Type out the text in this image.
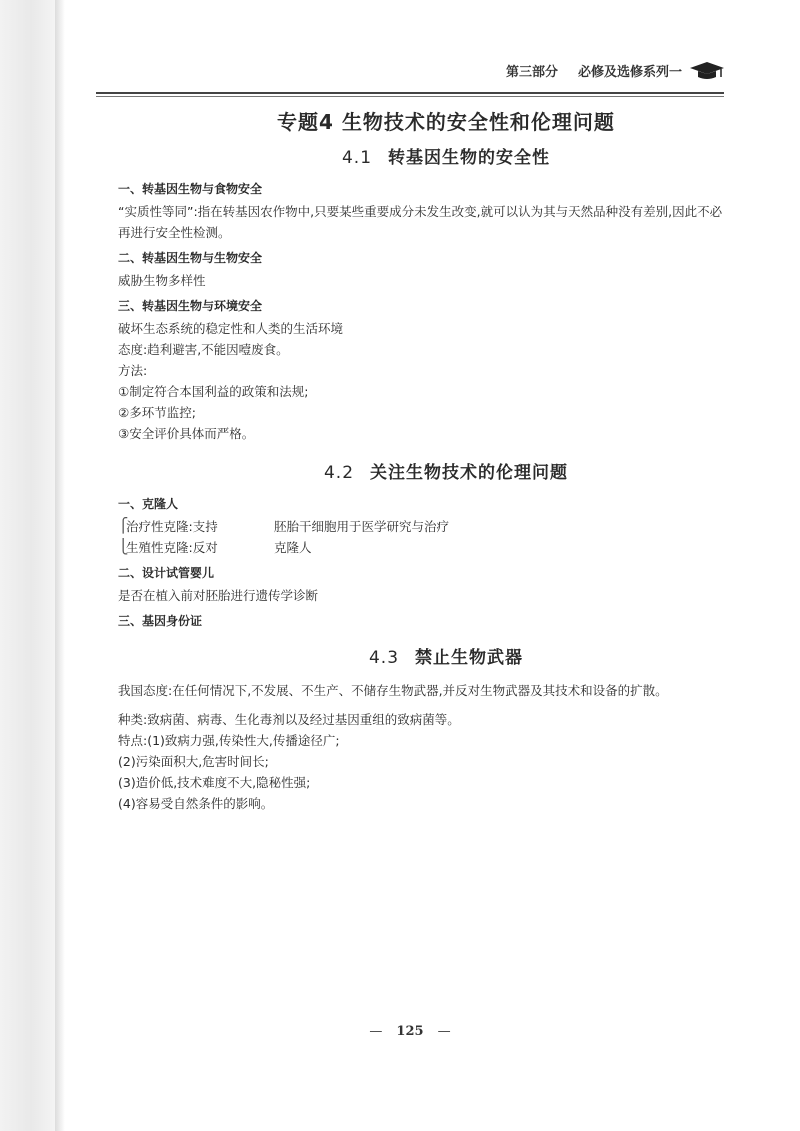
第三部分 必修及选修系列一
专题4 生物技术的安全性和伦理问题
4.1 转基因生物的安全性
一、转基因生物与食物安全

“实质性等同”:指在转基因农作物中,只要某些重要成分未发生改变,就可以认为其与天然品种没有差别,因此不必再进行安全性检测。

二、转基因生物与生物安全

威胁生物多样性

三、转基因生物与环境安全

破坏生态系统的稳定性和人类的生活环境

态度:趋利避害,不能因噎废食。

方法:

①制定符合本国利益的政策和法规;

②多环节监控;

③安全评价具体而严格。

4.2 关注生物技术的伦理问题
一、克隆人
⎧
治疗性克隆:支持	胚胎干细胞用于医学研究与治疗
⎩
生殖性克隆:反对	克隆人
二、设计试管婴儿

是否在植入前对胚胎进行遗传学诊断

三、基因身份证
4.3 禁止生物武器

我国态度:在任何情况下,不发展、不生产、不储存生物武器,并反对生物武器及其技术和设备的扩散。

种类:致病菌、病毒、生化毒剂以及经过基因重组的致病菌等。

特点:(1)致病力强,传染性大,传播途径广;

(2)污染面积大,危害时间长;

(3)造价低,技术难度不大,隐秘性强;

(4)容易受自然条件的影响。

— 125 —
